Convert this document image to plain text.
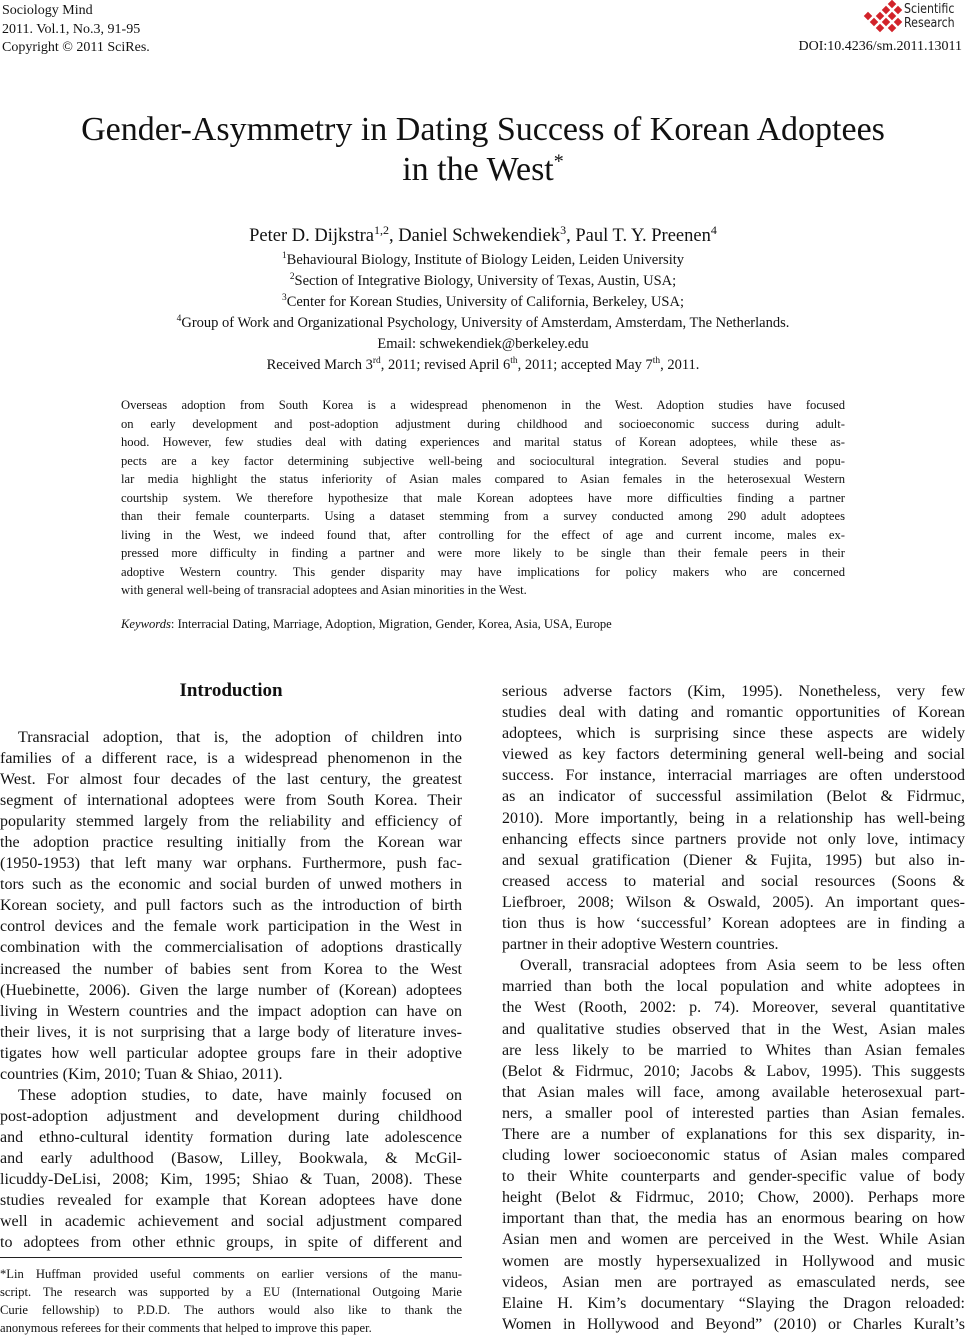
Sociology Mind
2011. Vol.1, No.3, 91-95
Copyright © 2011 SciRes.
Scientific
Research
DOI:10.4236/sm.2011.13011
Gender-Asymmetry in Dating Success of Korean Adoptees
in the West*
Peter D. Dijkstra$^{1,2}$, Daniel Schwekendiek$^3$, Paul T. Y. Preenen$^4$
$^1$Behavioural Biology, Institute of Biology Leiden, Leiden University
$^2$Section of Integrative Biology, University of Texas, Austin, USA;
$^3$Center for Korean Studies, University of California, Berkeley, USA;
$^4$Group of Work and Organizational Psychology, University of Amsterdam, Amsterdam, The Netherlands.
Email: schwekendiek@berkeley.edu
Received March 3rd, 2011; revised April 6th, 2011; accepted May 7th, 2011.
Overseas adoption from South Korea is a widespread phenomenon in the West. Adoption studies have focused
on early development and post-adoption adjustment during childhood and socioeconomic success during adult-
hood. However, few studies deal with dating experiences and marital status of Korean adoptees, while these as-
pects are a key factor determining subjective well-being and sociocultural integration. Several studies and popu-
lar media highlight the status inferiority of Asian males compared to Asian females in the heterosexual Western
courtship system. We therefore hypothesize that male Korean adoptees have more difficulties finding a partner
than their female counterparts. Using a dataset stemming from a survey conducted among 290 adult adoptees
living in the West, we indeed found that, after controlling for the effect of age and current income, males ex-
pressed more difficulty in finding a partner and were more likely to be single than their female peers in their
adoptive Western country. This gender disparity may have implications for policy makers who are concerned
with general well-being of transracial adoptees and Asian minorities in the West.
Keywords: Interracial Dating, Marriage, Adoption, Migration, Gender, Korea, Asia, USA, Europe
Introduction
Transracial adoption, that is, the adoption of children into
families of a different race, is a widespread phenomenon in the
West. For almost four decades of the last century, the greatest
segment of international adoptees were from South Korea. Their
popularity stemmed largely from the reliability and efficiency of
the adoption practice resulting initially from the Korean war
(1950-1953) that left many war orphans. Furthermore, push fac-
tors such as the economic and social burden of unwed mothers in
Korean society, and pull factors such as the introduction of birth
control devices and the female work participation in the West in
combination with the commercialisation of adoptions drastically
increased the number of babies sent from Korea to the West
(Huebinette, 2006). Given the large number of (Korean) adoptees
living in Western countries and the impact adoption can have on
their lives, it is not surprising that a large body of literature inves-
tigates how well particular adoptee groups fare in their adoptive
countries (Kim, 2010; Tuan & Shiao, 2011).
These adoption studies, to date, have mainly focused on
post-adoption adjustment and development during childhood
and ethno-cultural identity formation during late adolescence
and early adulthood (Basow, Lilley, Bookwala, & McGil-
licuddy-DeLisi, 2008; Kim, 1995; Shiao & Tuan, 2008). These
studies revealed for example that Korean adoptees have done
well in academic achievement and social adjustment compared
to adoptees from other ethnic groups, in spite of different and
*Lin Huffman provided useful comments on earlier versions of the manu-
script. The research was supported by a EU (International Outgoing Marie
Curie fellowship) to P.D.D. The authors would also like to thank the
anonymous referees for their comments that helped to improve this paper.
serious adverse factors (Kim, 1995). Nonetheless, very few
studies deal with dating and romantic opportunities of Korean
adoptees, which is surprising since these aspects are widely
viewed as key factors determining general well-being and social
success. For instance, interracial marriages are often understood
as an indicator of successful assimilation (Belot & Fidrmuc,
2010). More importantly, being in a relationship has well-being
enhancing effects since partners provide not only love, intimacy
and sexual gratification (Diener & Fujita, 1995) but also in-
creased access to material and social resources (Soons &
Liefbroer, 2008; Wilson & Oswald, 2005). An important ques-
tion thus is how ‘successful’ Korean adoptees are in finding a
partner in their adoptive Western countries.
Overall, transracial adoptees from Asia seem to be less often
married than both the local population and white adoptees in
the West (Rooth, 2002: p. 74). Moreover, several quantitative
and qualitative studies observed that in the West, Asian males
are less likely to be married to Whites than Asian females
(Belot & Fidrmuc, 2010; Jacobs & Labov, 1995). This suggests
that Asian males will face, among available heterosexual part-
ners, a smaller pool of interested parties than Asian females.
There are a number of explanations for this sex disparity, in-
cluding lower socioeconomic status of Asian males compared
to their White counterparts and gender-specific value of body
height (Belot & Fidrmuc, 2010; Chow, 2000). Perhaps more
important than that, the media has an enormous bearing on how
Asian men and women are perceived in the West. While Asian
women are mostly hypersexualized in Hollywood and music
videos, Asian men are portrayed as emasculated nerds, see
Elaine H. Kim’s documentary “Slaying the Dragon reloaded:
Women in Hollywood and Beyond” (2010) or Charles Kuralt’s
